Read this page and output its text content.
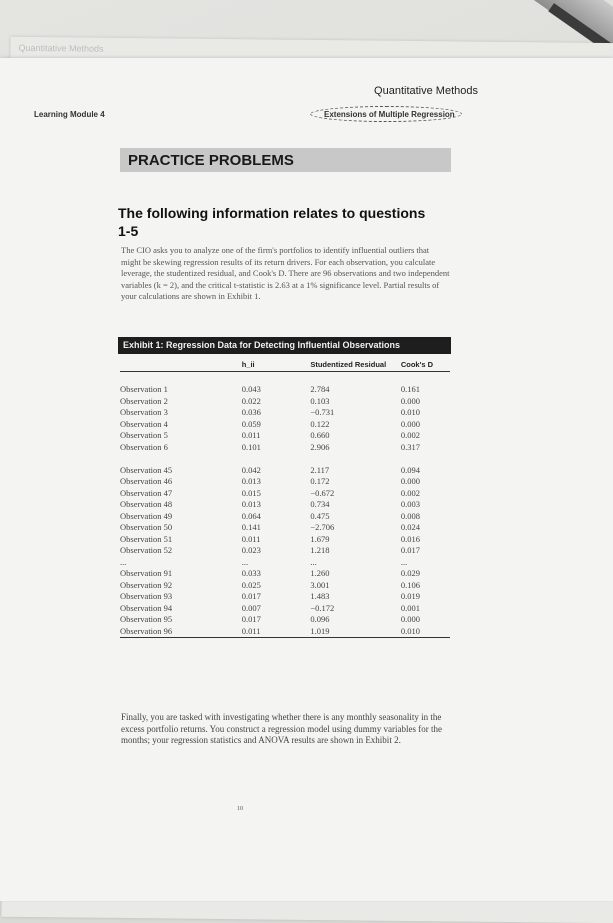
Quantitative Methods
Quantitative Methods
Learning Module 4	Extensions of Multiple Regression
PRACTICE PROBLEMS
The following information relates to questions 1-5
The CIO asks you to analyze one of the firm's portfolios to identify influential outliers that might be skewing regression results of its return drivers. For each observation, you calculate leverage, the studentized residual, and Cook's D. There are 96 observations and two independent variables (k = 2), and the critical t-statistic is 2.63 at a 1% significance level. Partial results of your calculations are shown in Exhibit 1.
Exhibit 1: Regression Data for Detecting Influential Observations
	h_ii	Studentized Residual	Cook's D

Observation 1	0.043	2.784	0.161
Observation 2	0.022	0.103	0.000
Observation 3	0.036	−0.731	0.010
Observation 4	0.059	0.122	0.000
Observation 5	0.011	0.660	0.002
Observation 6	0.101	2.906	0.317

Observation 45	0.042	2.117	0.094
Observation 46	0.013	0.172	0.000
Observation 47	0.015	−0.672	0.002
Observation 48	0.013	0.734	0.003
Observation 49	0.064	0.475	0.008
Observation 50	0.141	−2.706	0.024
Observation 51	0.011	1.679	0.016
Observation 52	0.023	1.218	0.017
...	...	...	...
Observation 91	0.033	1.260	0.029
Observation 92	0.025	3.001	0.106
Observation 93	0.017	1.483	0.019
Observation 94	0.007	−0.172	0.001
Observation 95	0.017	0.096	0.000
Observation 96	0.011	1.019	0.010

Finally, you are tasked with investigating whether there is any monthly seasonality in the excess portfolio returns. You construct a regression model using dummy variables for the months; your regression statistics and ANOVA results are shown in Exhibit 2.
10
